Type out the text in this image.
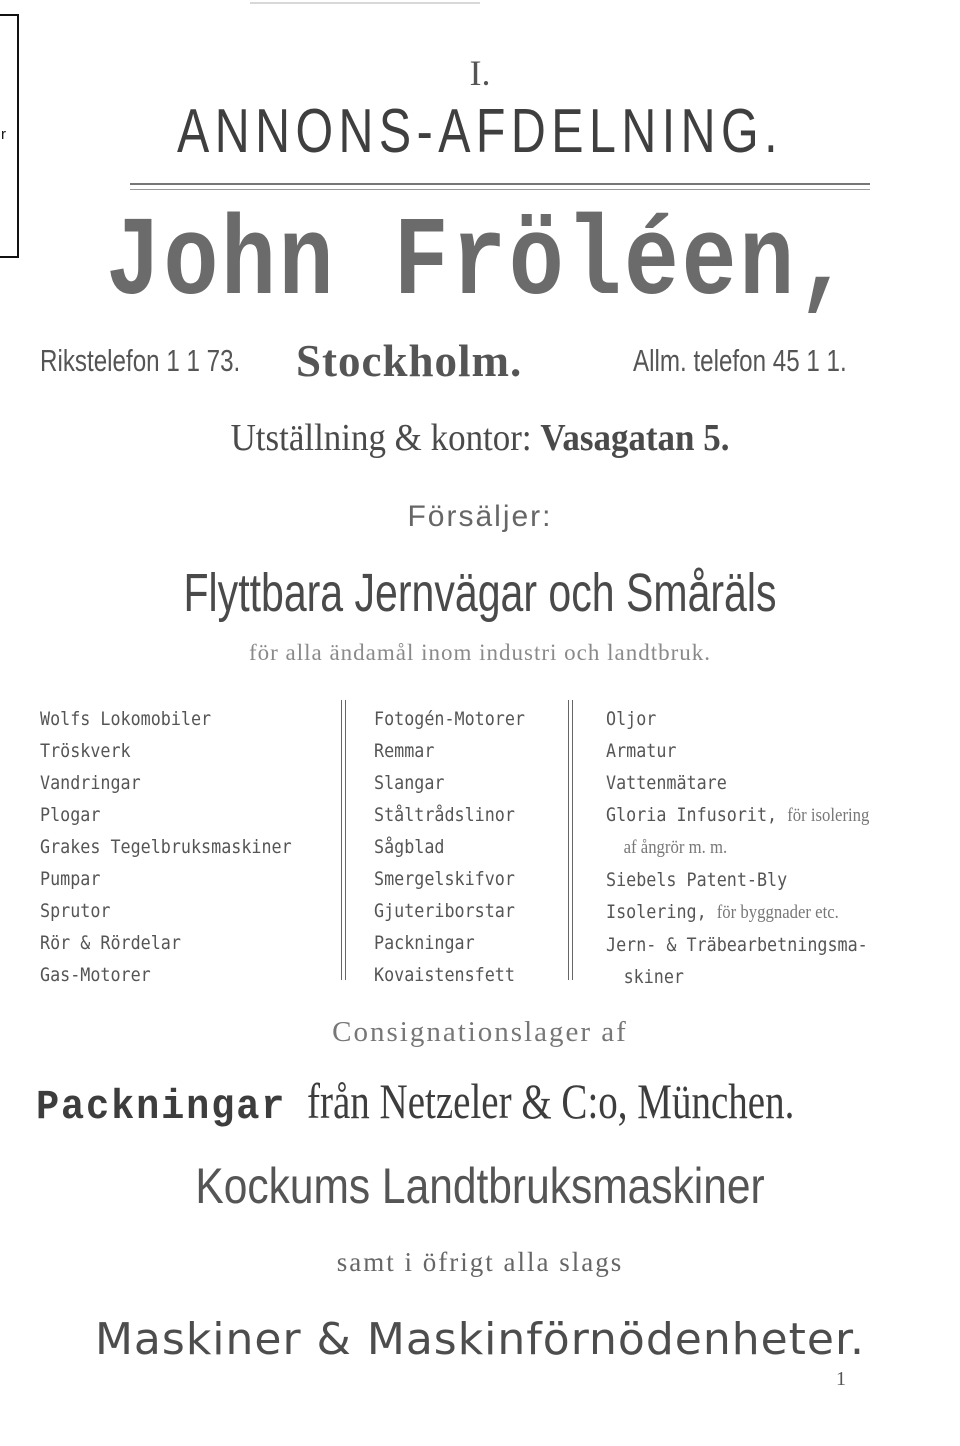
r
I.
ANNONS-AFDELNING.
John Fröléen,
Rikstelefon 1 1 73. Stockholm.	Allm. telefon 45 1 1.
Utställning & kontor: Vasagatan 5.
Försäljer:
Flyttbara Jernvägar och Småräls
för alla ändamål inom industri och landtbruk.
Wolfs Lokomobiler
Tröskverk
Vandringar
Plogar
Grakes Tegelbruksmaskiner
Pumpar
Sprutor
Rör & Rördelar
Gas-Motorer
Fotogén-Motorer
Remmar
Slangar
Ståltrådslinor
Sågblad
Smergelskifvor
Gjuteriborstar
Packningar
Kovaistensfett
Oljor
Armatur
Vattenmätare
Gloria Infusorit, för isolering
af ångrör m. m.
Siebels Patent-Bly
Isolering, för byggnader etc.
Jern- & Träbearbetningsma-
skiner
Consignationslager af
Packningar från Netzeler & C:o, München.
Kockums Landtbruksmaskiner
samt i öfrigt alla slags
Maskiner & Maskinförnödenheter.
1
